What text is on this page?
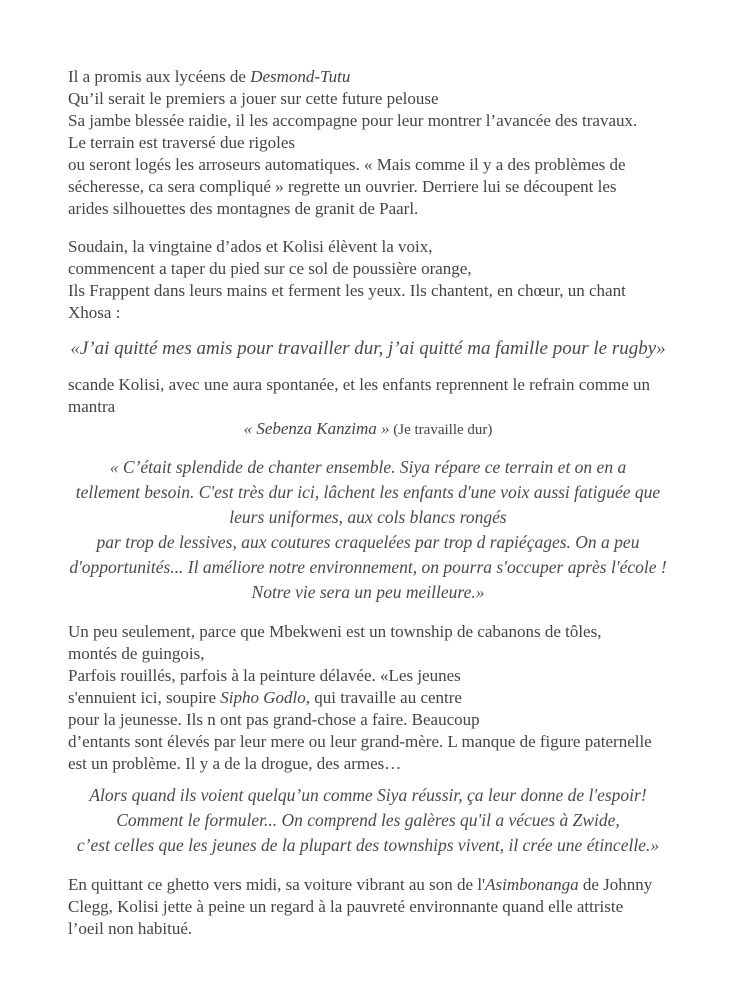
Il a promis aux lycéens de Desmond-Tutu
Qu’il serait le premiers a jouer sur cette future pelouse
Sa jambe blessée raidie, il les accompagne pour leur montrer l’avancée des travaux.
Le terrain est traversé due rigoles
ou seront logés les arroseurs automatiques. « Mais comme il y a des problèmes de
sécheresse, ca sera compliqué » regrette un ouvrier. Derriere lui se découpent les
arides silhouettes des montagnes de granit de Paarl.
Soudain, la vingtaine d’ados et Kolisi élèvent la voix,
commencent a taper du pied sur ce sol de poussière orange,
Ils Frappent dans leurs mains et ferment les yeux. Ils chantent, en chœur, un chant
Xhosa :
«J’ai quitté mes amis pour travailler dur, j’ai quitté ma famille pour le rugby»
scande Kolisi, avec une aura spontanée, et les enfants reprennent le refrain comme un
mantra
« Sebenza Kanzima » (Je travaille dur)
« C’était splendide de chanter ensemble. Siya répare ce terrain et on en a
tellement besoin. C'est très dur ici, lâchent les enfants d'une voix aussi fatiguée que
leurs uniformes, aux cols blancs rongés
par trop de lessives, aux coutures craquelées par trop d rapiéçages. On a peu
d'opportunités... Il améliore notre environnement, on pourra s'occuper après l'école !
Notre vie sera un peu meilleure.»
Un peu seulement, parce que Mbekweni est un township de cabanons de tôles,
montés de guingois,
Parfois rouillés, parfois à la peinture délavée. «Les jeunes
s'ennuient ici, soupire Sipho Godlo, qui travaille au centre
pour la jeunesse. Ils n ont pas grand-chose a faire. Beaucoup
d’entants sont élevés par leur mere ou leur grand-mère. L manque de figure paternelle
est un problème. Il y a de la drogue, des armes…
Alors quand ils voient quelqu’un comme Siya réussir, ça leur donne de l'espoir!
Comment le formuler... On comprend les galères qu'il a vécues à Zwide,
c’est celles que les jeunes de la plupart des townships vivent, il crée une étincelle.»
En quittant ce ghetto vers midi, sa voiture vibrant au son de l'Asimbonanga de Johnny
Clegg, Kolisi jette à peine un regard à la pauvreté environnante quand elle attriste
l’oeil non habitué.
